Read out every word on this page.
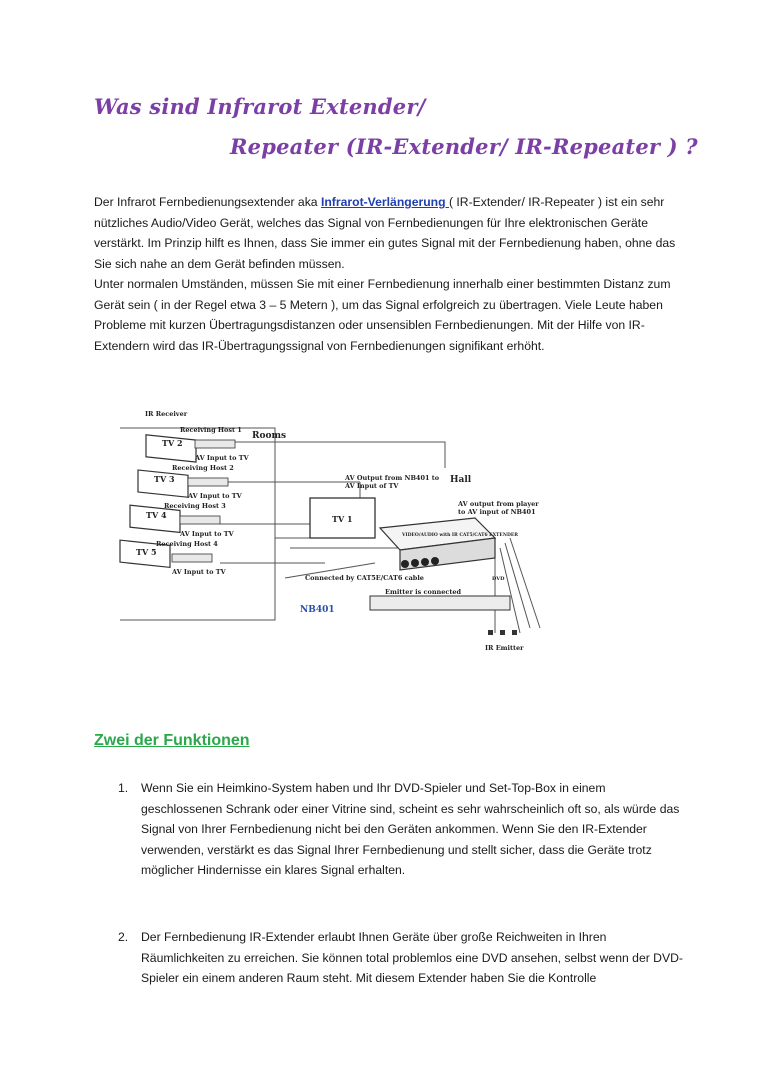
Was sind Infrarot Extender/
Repeater (IR-Extender/ IR-Repeater ) ?
Der Infrarot Fernbedienungsextender aka Infrarot-Verlängerung ( IR-Extender/ IR-Repeater ) ist ein sehr nützliches Audio/Video Gerät, welches das Signal von Fernbedienungen für Ihre elektronischen Geräte verstärkt. Im Prinzip hilft es Ihnen, dass Sie immer ein gutes Signal mit der Fernbedienung haben, ohne das Sie sich nahe an dem Gerät befinden müssen.
Unter normalen Umständen, müssen Sie mit einer Fernbedienung innerhalb einer bestimmten Distanz zum Gerät sein ( in der Regel etwa 3 – 5 Metern ), um das Signal erfolgreich zu übertragen. Viele Leute haben Probleme mit kurzen Übertragungsdistanzen oder unsensiblen Fernbedienungen. Mit der Hilfe von IR-Extendern wird das IR-Übertragungssignal von Fernbedienungen signifikant erhöht.
IR Receiver
Rooms
Hall
TV 2
TV 3
TV 4
TV 5
Receiving Host 1
Receiving Host 2
Receiving Host 3
Receiving Host 4
AV Input to TV
AV Input to TV
AV Input to TV
AV Input to TV
TV 1
AV Output from NB401 to
AV Input of TV
AV output from player
to AV input of NB401
VIDEO/AUDIO with IR CAT5/CAT6 EXTENDER
Connected by CAT5E/CAT6 cable
Emitter is connected
DVD
NB401
IR Emitter
Zwei der Funktionen
1. Wenn Sie ein Heimkino-System haben und Ihr DVD-Spieler und Set-Top-Box in einem geschlossenen Schrank oder einer Vitrine sind, scheint es sehr wahrscheinlich oft so, als würde das Signal von Ihrer Fernbedienung nicht bei den Geräten ankommen. Wenn Sie den IR-Extender verwenden, verstärkt es das Signal Ihrer Fernbedienung und stellt sicher, dass die Geräte trotz möglicher Hindernisse ein klares Signal erhalten.
2. Der Fernbedienung IR-Extender erlaubt Ihnen Geräte über große Reichweiten in Ihren Räumlichkeiten zu erreichen. Sie können total problemlos eine DVD ansehen, selbst wenn der DVD-Spieler ein einem anderen Raum steht. Mit diesem Extender haben Sie die Kontrolle
